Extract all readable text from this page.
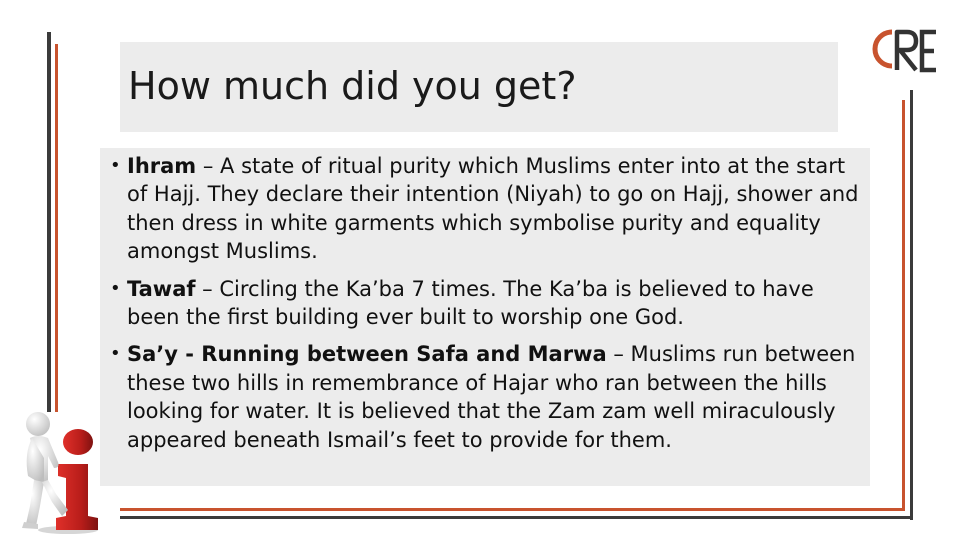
How much did you get?
• Ihram – A state of ritual purity which Muslims enter into at the start of Hajj. They declare their intention (Niyah) to go on Hajj, shower and then dress in white garments which symbolise purity and equality amongst Muslims.
• Tawaf – Circling the Ka’ba 7 times. The Ka’ba is believed to have been the first building ever built to worship one God.
• Sa’y - Running between Safa and Marwa – Muslims run between these two hills in remembrance of Hajar who ran between the hills looking for water. It is believed that the Zam zam well miraculously appeared beneath Ismail’s feet to provide for them.
